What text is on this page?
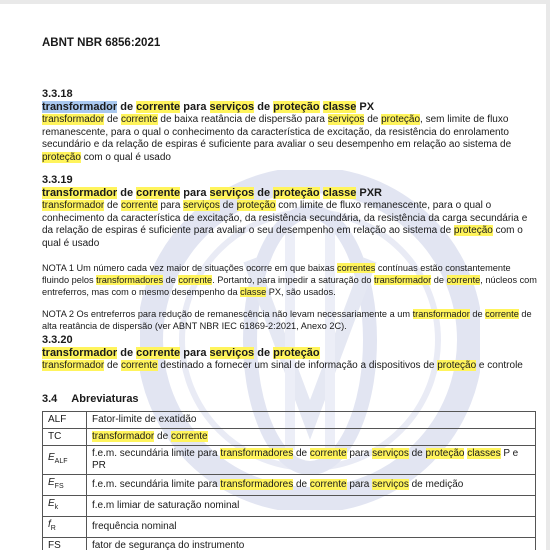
ABNT NBR 6856:2021
3.3.18
transformador de corrente para serviços de proteção classe PX

transformador de corrente de baixa reatância de dispersão para serviços de proteção, sem limite de fluxo remanescente, para o qual o conhecimento da característica de excitação, da resistência do enrolamento secundário e da relação de espiras é suficiente para avaliar o seu desempenho em relação ao sistema de proteção com o qual é usado

3.3.19
transformador de corrente para serviços de proteção classe PXR

transformador de corrente para serviços de proteção com limite de fluxo remanescente, para o qual o conhecimento da característica de excitação, da resistência secundária, da resistência da carga secundária e da relação de espiras é suficiente para avaliar o seu desempenho em relação ao sistema de proteção com o qual é usado

NOTA 1 Um número cada vez maior de situações ocorre em que baixas correntes contínuas estão constantemente fluindo pelos transformadores de corrente. Portanto, para impedir a saturação do transformador de corrente, núcleos com entreferros, mas com o mesmo desempenho da classe PX, são usados.

NOTA 2 Os entreferros para redução de remanescência não levam necessariamente a um transformador de corrente de alta reatância de dispersão (ver ABNT NBR IEC 61869-2:2021, Anexo 2C).

3.3.20
transformador de corrente para serviços de proteção

transformador de corrente destinado a fornecer um sinal de informação a dispositivos de proteção e controle

3.4 Abreviaturas
ALF	Fator-limite de exatidão
TC	transformador de corrente
$E_{ALF}$	f.e.m. secundária limite para transformadores de corrente para serviços de proteção classes P e PR
$E_{FS}$	f.e.m. secundária limite para transformadores de corrente para serviços de medição
$E_k$	f.e.m limiar de saturação nominal
$f_R$	frequência nominal
FS	fator de segurança do instrumento
